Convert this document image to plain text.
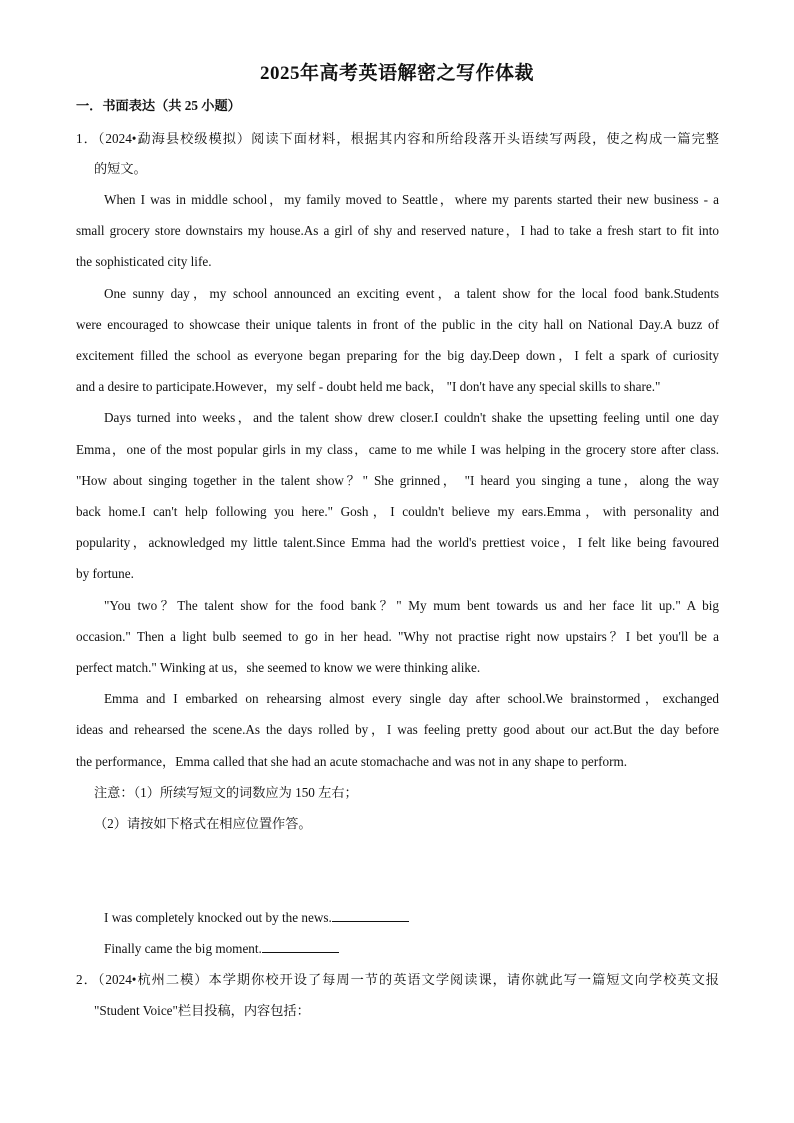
2025年高考英语解密之写作体裁
一．书面表达（共 25 小题）
1．（2024•勐海县校级模拟）阅读下面材料，根据其内容和所给段落开头语续写两段，使之构成一篇完整
的短文。
When I was in middle school，my family moved to Seattle，where my parents started their new business - a
small grocery store downstairs my house.As a girl of shy and reserved nature，I had to take a fresh start to fit into
the sophisticated city life.
One sunny day，my school announced an exciting event，a talent show for the local food bank.Students
were encouraged to showcase their unique talents in front of the public in the city hall on National Day.A buzz of
excitement filled the school as everyone began preparing for the big day.Deep down，I felt a spark of curiosity
and a desire to participate.However，my self - doubt held me back， "I don't have any special skills to share."
Days turned into weeks，and the talent show drew closer.I couldn't shake the upsetting feeling until one day
Emma，one of the most popular girls in my class，came to me while I was helping in the grocery store after class.
"How about singing together in the talent show？" She grinned， "I heard you singing a tune，along the way
back home.I can't help following you here." Gosh，I couldn't believe my ears.Emma，with personality and
popularity，acknowledged my little talent.Since Emma had the world's prettiest voice，I felt like being favoured
by fortune.
"You two？The talent show for the food bank？" My mum bent towards us and her face lit up." A big
occasion." Then a light bulb seemed to go in her head. "Why not practise right now upstairs？I bet you'll be a
perfect match." Winking at us，she seemed to know we were thinking alike.
Emma and I embarked on rehearsing almost every single day after school.We brainstormed，exchanged
ideas and rehearsed the scene.As the days rolled by，I was feeling pretty good about our act.But the day before
the performance，Emma called that she had an acute stomachache and was not in any shape to perform.
注意：（1）所续写短文的词数应为 150 左右；
（2）请按如下格式在相应位置作答。
I was completely knocked out by the news.
Finally came the big moment.
2．（2024•杭州二模）本学期你校开设了每周一节的英语文学阅读课，请你就此写一篇短文向学校英文报
"Student Voice"栏目投稿，内容包括：
